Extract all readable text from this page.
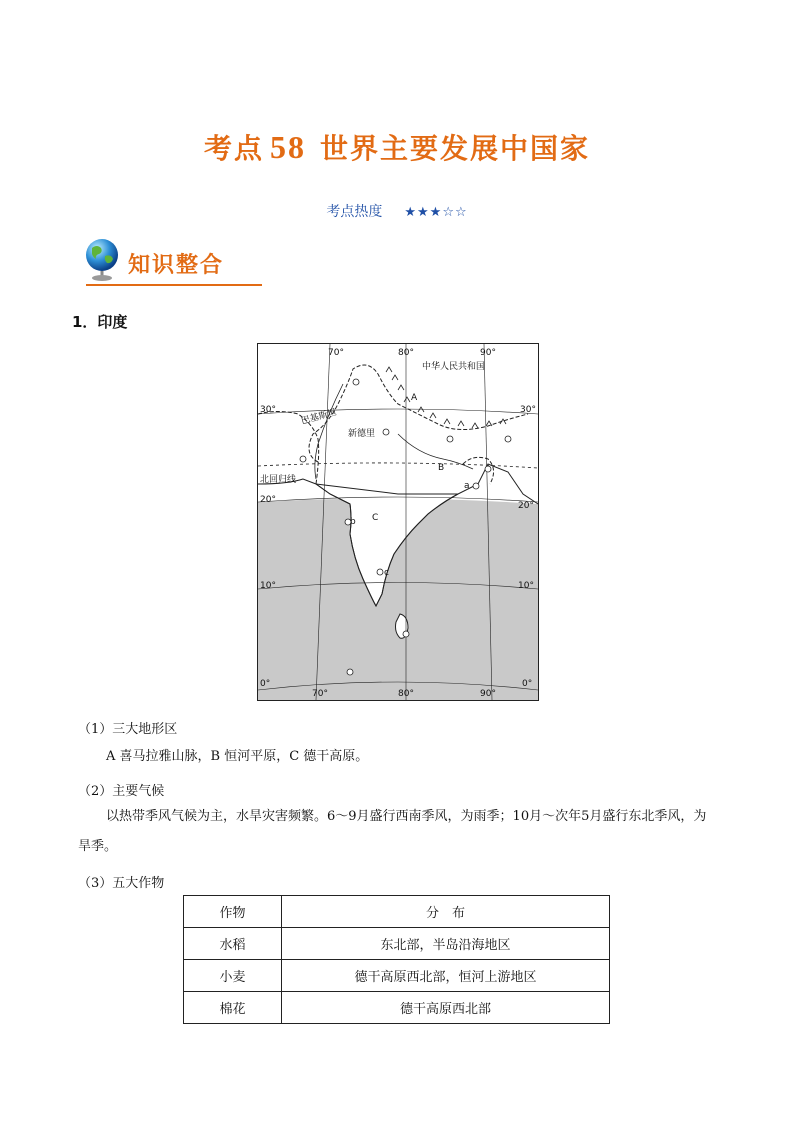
考点 58 世界主要发展中国家
考点热度 ★★★☆☆
知识整合
1．印度
70°	80°	90°
30°	30°
20°
20°
10°	10°
0°	0°
70°	80°	90°
中华人民共和国
巴基斯坦
新德里
北回归线
A
B
C
a
b
c
（1）三大地形区
A 喜马拉雅山脉，B 恒河平原，C 德干高原。
（2）主要气候
以热带季风气候为主，水旱灾害频繁。6～9月盛行西南季风，为雨季；10月～次年5月盛行东北季风，为旱季。
（3）五大作物
作物	分　布
水稻	东北部，半岛沿海地区
小麦	德干高原西北部，恒河上游地区
棉花	德干高原西北部
